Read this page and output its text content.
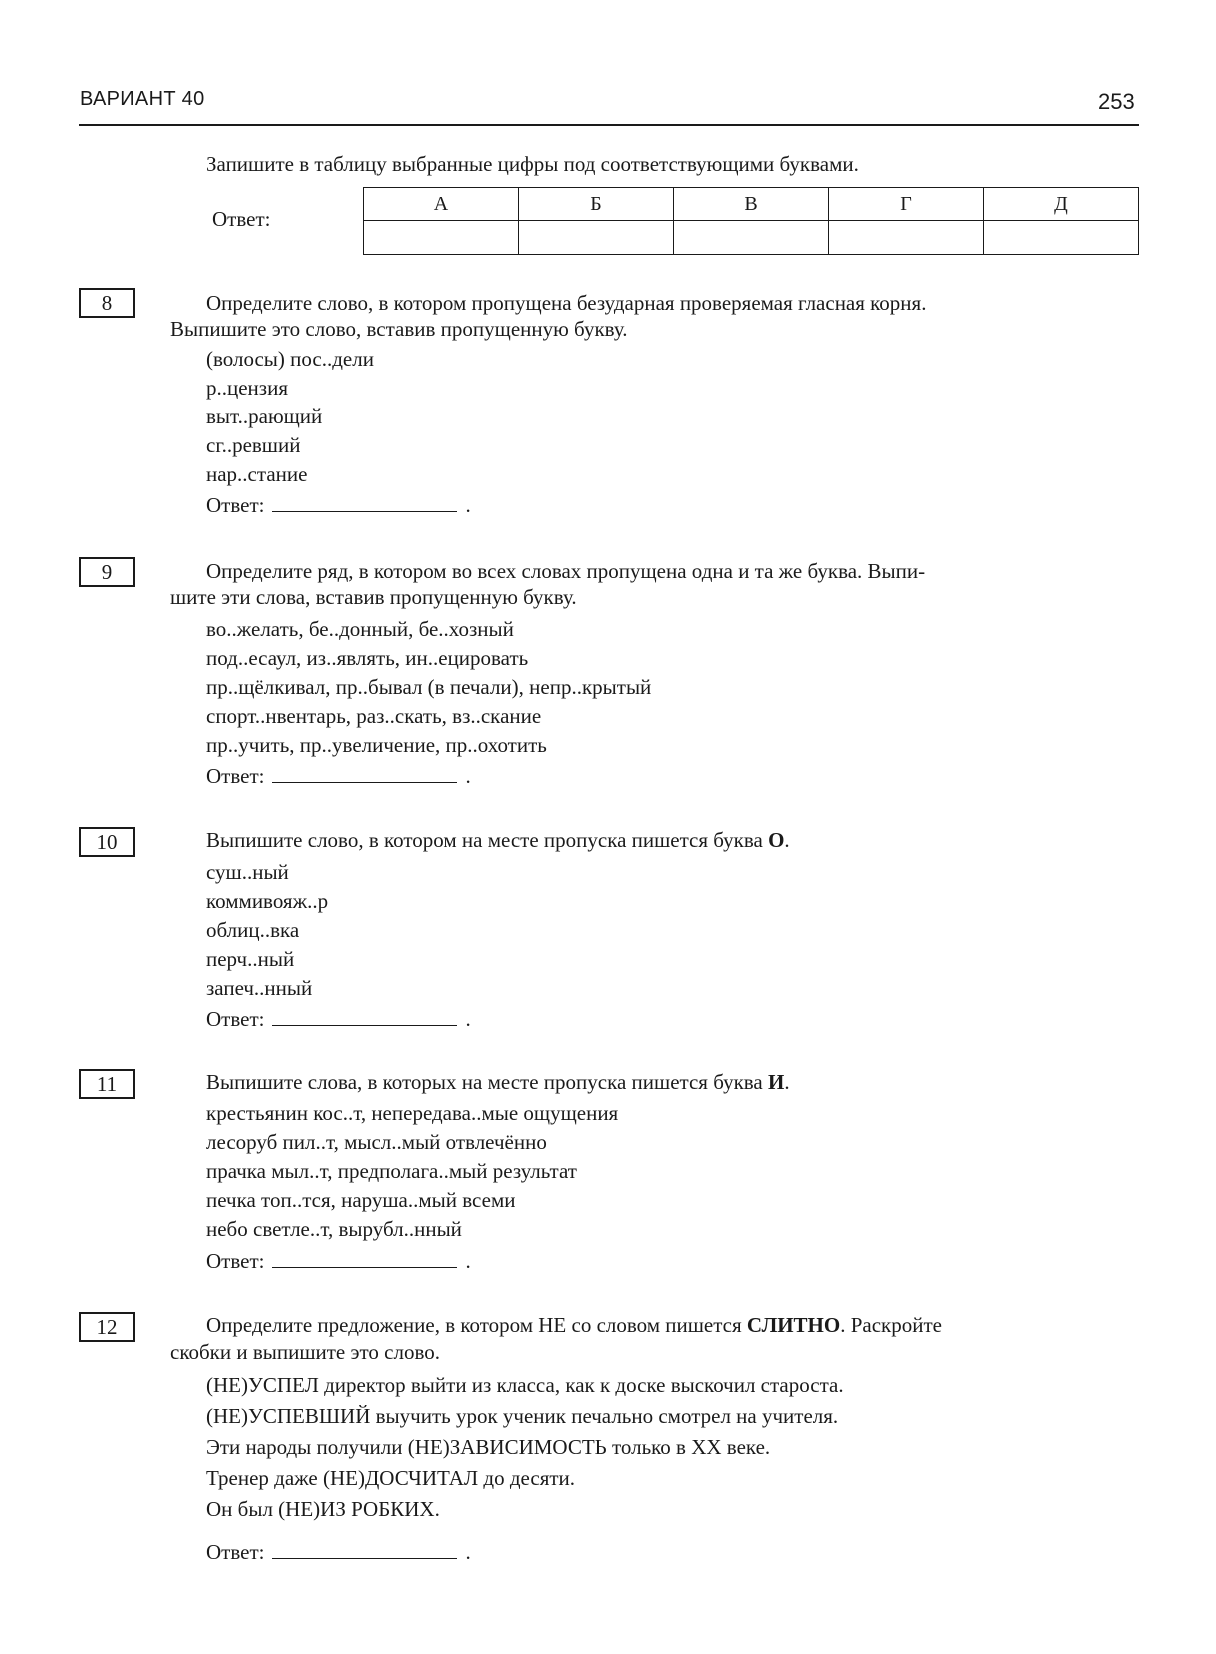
ВАРИАНТ 40	253
Запишите в таблицу выбранные цифры под соответствующими буквами.
Ответ:
А	Б	В	Г	Д

8	Определите слово, в котором пропущена безударная проверяемая гласная корня.
Выпишите это слово, вставив пропущенную букву.
(волосы) пос..дели
р..цензия
выт..рающий
сг..ревший
нар..стание
Ответ:	.
9	Определите ряд, в котором во всех словах пропущена одна и та же буква. Выпи-
шите эти слова, вставив пропущенную букву.
во..желать, бе..донный, бе..хозный
под..есаул, из..являть, ин..ецировать
пр..щёлкивал, пр..бывал (в печали), непр..крытый
спорт..нвентарь, раз..скать, вз..скание
пр..учить, пр..увеличение, пр..охотить
Ответ:	.
10	Выпишите слово, в котором на месте пропуска пишется буква О.
суш..ный
коммивояж..р
облиц..вка
перч..ный
запеч..нный
Ответ:	.
11	Выпишите слова, в которых на месте пропуска пишется буква И.
крестьянин кос..т, непередава..мые ощущения
лесоруб пил..т, мысл..мый отвлечённо
прачка мыл..т, предполага..мый результат
печка топ..тся, наруша..мый всеми
небо светле..т, вырубл..нный
Ответ:	.
12	Определите предложение, в котором НЕ со словом пишется СЛИТНО. Раскройте
скобки и выпишите это слово.
(НЕ)УСПЕЛ директор выйти из класса, как к доске выскочил староста.
(НЕ)УСПЕВШИЙ выучить урок ученик печально смотрел на учителя.
Эти народы получили (НЕ)ЗАВИСИМОСТЬ только в XX веке.
Тренер даже (НЕ)ДОСЧИТАЛ до десяти.
Он был (НЕ)ИЗ РОБКИХ.
Ответ:	.
